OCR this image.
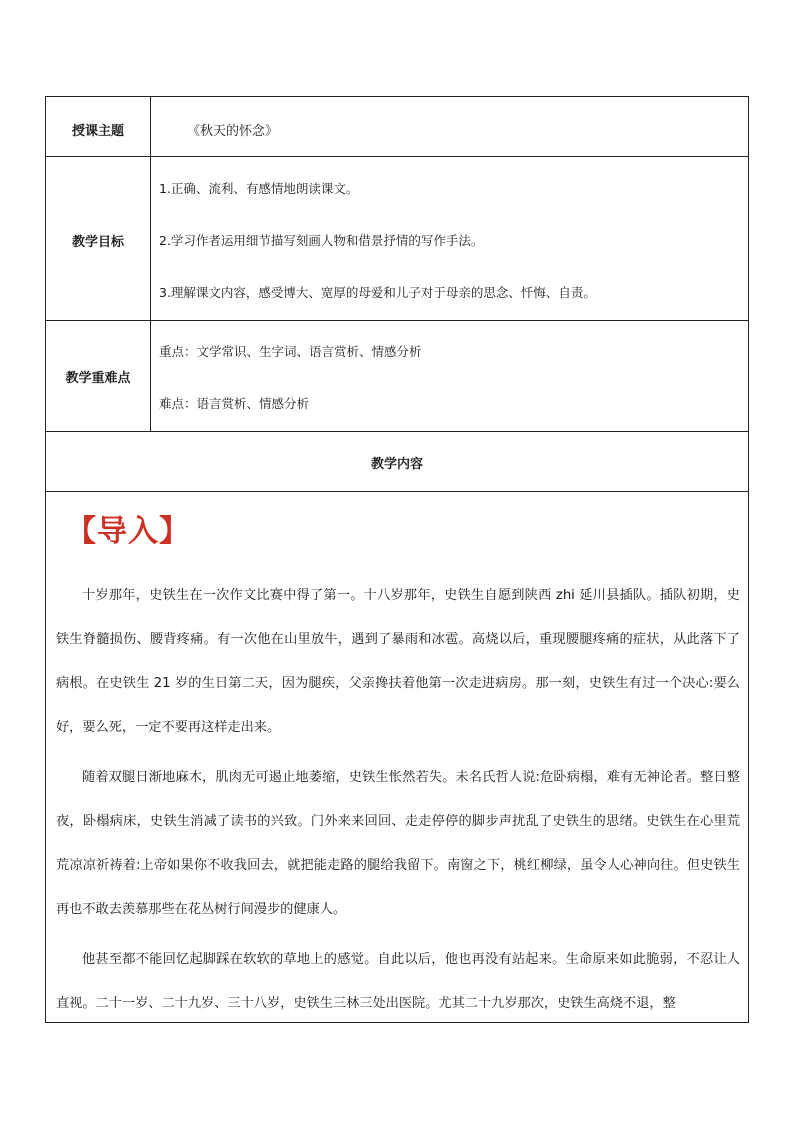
授课主题	《秋天的怀念》
教学目标
1.正确、流利、有感情地朗读课文。
2.学习作者运用细节描写刻画人物和借景抒情的写作手法。
3.理解课文内容，感受博大、宽厚的母爱和儿子对于母亲的思念、忏悔、自责。
教学重难点
重点：文学常识、生字词、语言赏析、情感分析
难点：语言赏析、情感分析
教学内容
【导入】

十岁那年，史铁生在一次作文比赛中得了第一。十八岁那年，史铁生自愿到陕西 zhi 延川县插队。插队初期，史铁生脊髓损伤、腰背疼痛。有一次他在山里放牛，遇到了暴雨和冰雹。高烧以后，重现腰腿疼痛的症状，从此落下了病根。在史铁生 21 岁的生日第二天，因为腿疾，父亲搀扶着他第一次走进病房。那一刻，史铁生有过一个决心:要么好，要么死，一定不要再这样走出来。

随着双腿日渐地麻木，肌肉无可遏止地萎缩，史铁生怅然若失。未名氏哲人说:危卧病榻，难有无神论者。整日整夜，卧榻病床，史铁生消减了读书的兴致。门外来来回回、走走停停的脚步声扰乱了史铁生的思绪。史铁生在心里荒荒凉凉祈祷着:上帝如果你不收我回去，就把能走路的腿给我留下。南窗之下，桃红柳绿，虽令人心神向往。但史铁生再也不敢去羡慕那些在花丛树行间漫步的健康人。

他甚至都不能回忆起脚踩在软软的草地上的感觉。自此以后，他也再没有站起来。生命原来如此脆弱，不忍让人直视。二十一岁、二十九岁、三十八岁，史铁生三林三处出医院。尤其二十九岁那次，史铁生高烧不退，整
